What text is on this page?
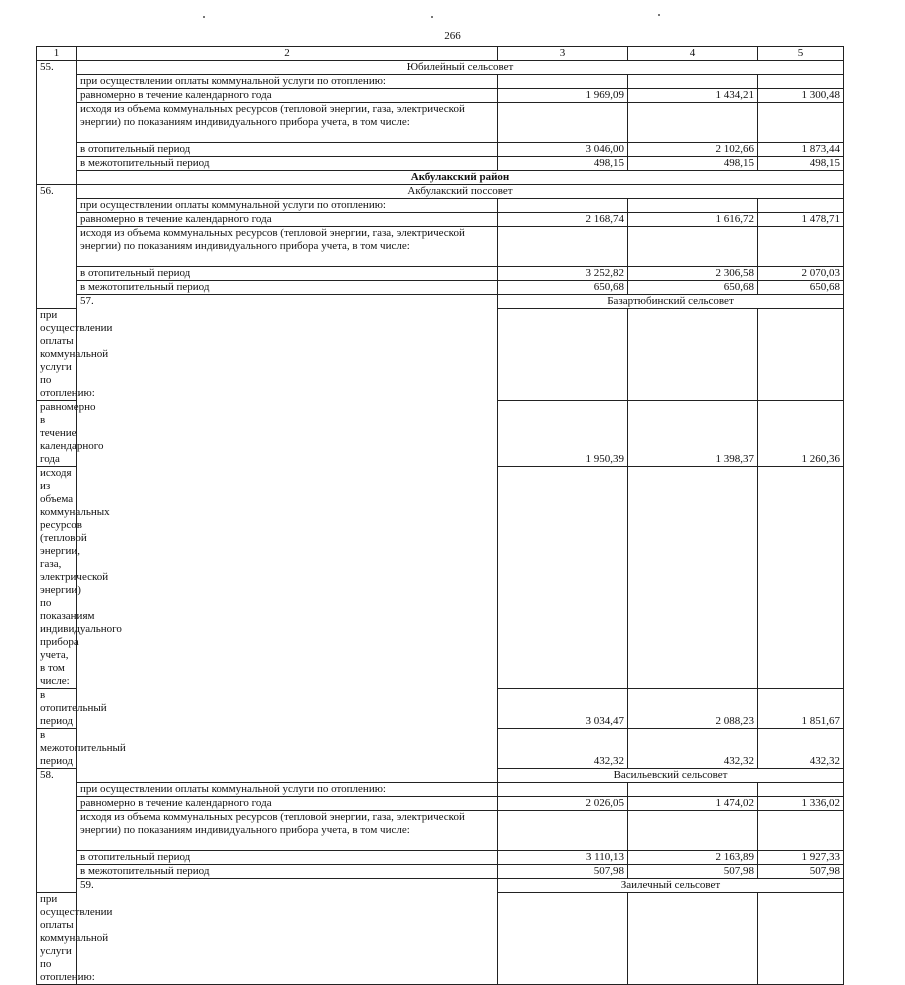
266
1	2	3	4	5
55.	Юбилейный сельсовет			
	при осуществлении оплаты коммунальной услуги по отоплению:			
	равномерно в течение календарного года	1 969,09	1 434,21	1 300,48
	исходя из объема коммунальных ресурсов (тепловой энергии, газа, электрической энергии) по показаниям индивидуального прибора учета, в том числе:			
	в отопительный период	3 046,00	2 102,66	1 873,44
	в межотопительный период	498,15	498,15	498,15
	Акбулакский район			
56.	Акбулакский поссовет			
	при осуществлении оплаты коммунальной услуги по отоплению:			
	равномерно в течение календарного года	2 168,74	1 616,72	1 478,71
	исходя из объема коммунальных ресурсов (тепловой энергии, газа, электрической энергии) по показаниям индивидуального прибора учета, в том числе:			
	в отопительный период	3 252,82	2 306,58	2 070,03
	в межотопительный период	650,68	650,68	650,68
	57.	Базартюбинский сельсовет		
при осуществлении оплаты коммунальной услуги по отоплению:				
равномерно в течение календарного года		1 950,39	1 398,37	1 260,36
исходя из объема коммунальных ресурсов (тепловой энергии, газа, электрической энергии) по показаниям индивидуального прибора учета, в том числе:				
в отопительный период		3 034,47	2 088,23	1 851,67
в межотопительный период		432,32	432,32	432,32
58.		Васильевский сельсовет		
	при осуществлении оплаты коммунальной услуги по отоплению:			
	равномерно в течение календарного года	2 026,05	1 474,02	1 336,02
	исходя из объема коммунальных ресурсов (тепловой энергии, газа, электрической энергии) по показаниям индивидуального прибора учета, в том числе:			
	в отопительный период	3 110,13	2 163,89	1 927,33
	в межотопительный период	507,98	507,98	507,98
	59.	Заилечный сельсовет		
при осуществлении оплаты коммунальной услуги по отоплению:				
